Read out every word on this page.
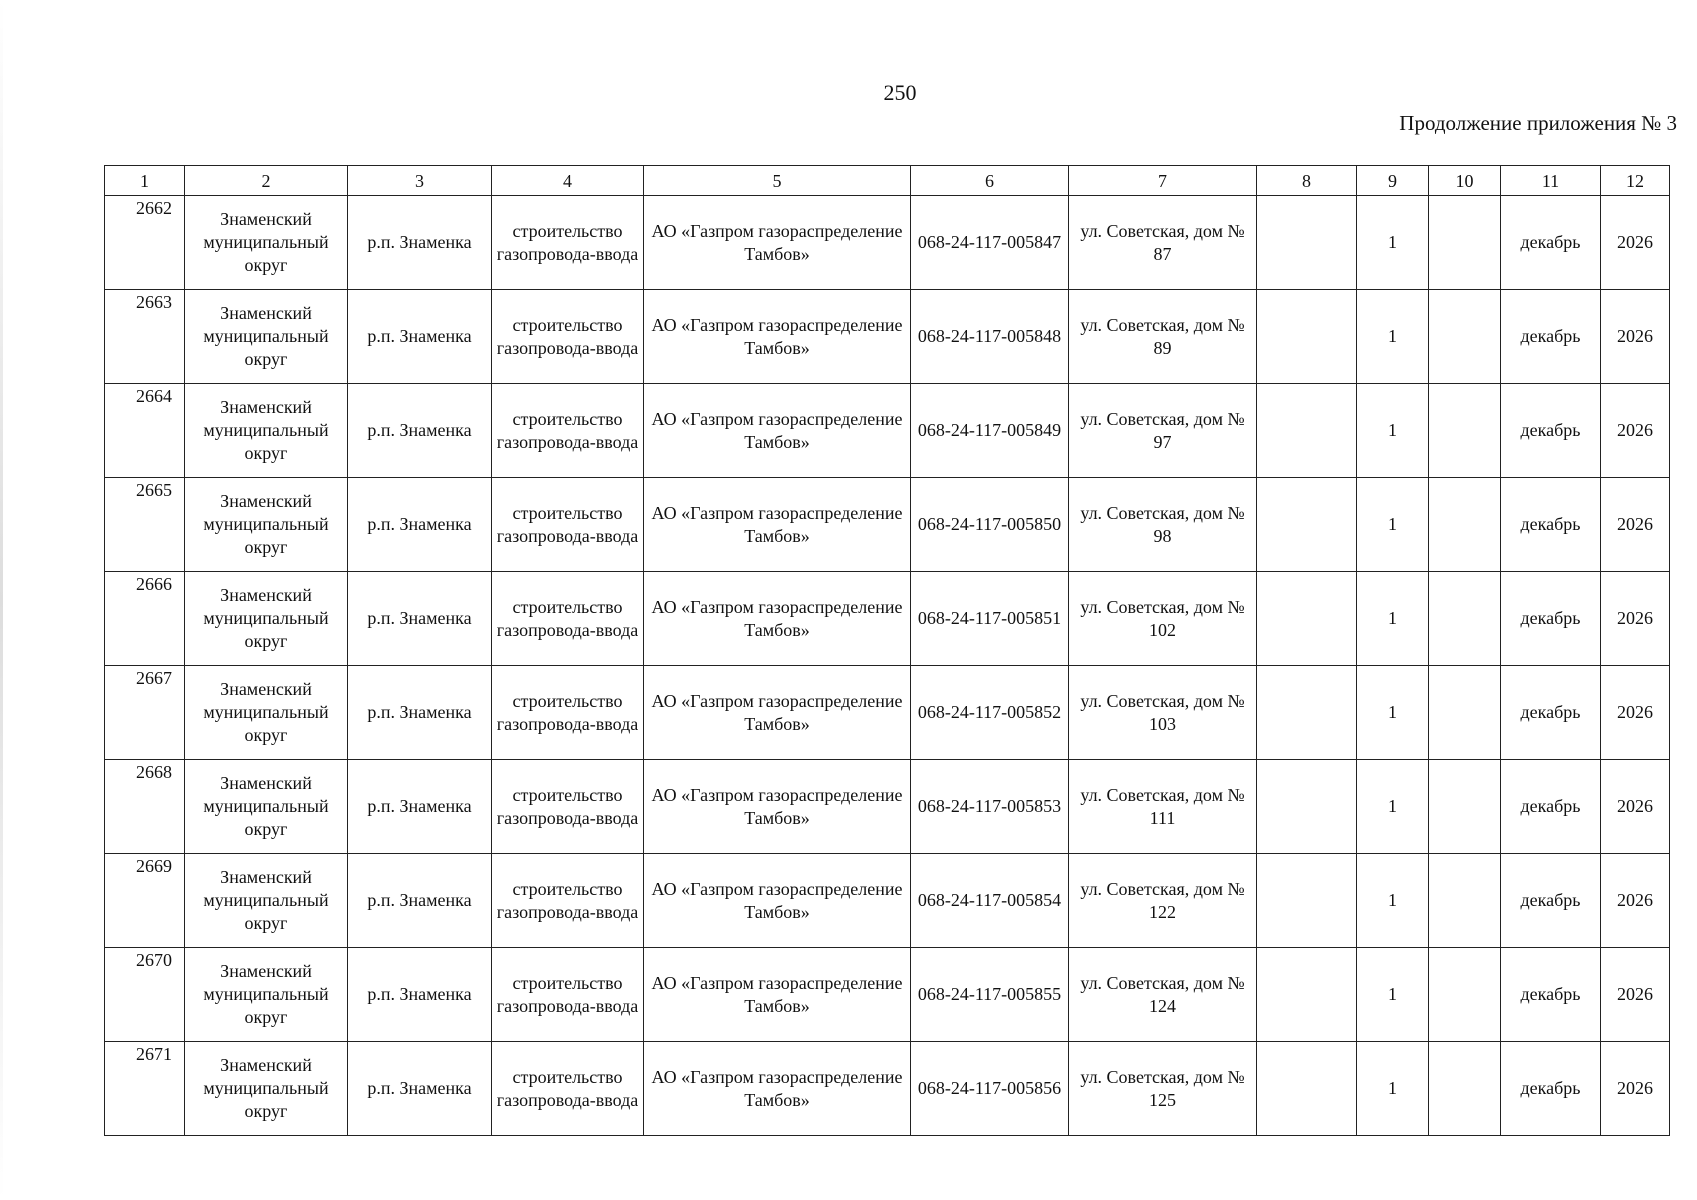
250
Продолжение приложения № 3
1	2	3	4	5	6	7	8	9	10	11	12
2662	Знаменский муниципальный округ	р.п. Знаменка	строительство газопровода-ввода	АО «Газпром газораспределение Тамбов»	068-24-117-005847	ул. Советская, дом № 87		1		декабрь	2026
2663	Знаменский муниципальный округ	р.п. Знаменка	строительство газопровода-ввода	АО «Газпром газораспределение Тамбов»	068-24-117-005848	ул. Советская, дом № 89		1		декабрь	2026
2664	Знаменский муниципальный округ	р.п. Знаменка	строительство газопровода-ввода	АО «Газпром газораспределение Тамбов»	068-24-117-005849	ул. Советская, дом № 97		1		декабрь	2026
2665	Знаменский муниципальный округ	р.п. Знаменка	строительство газопровода-ввода	АО «Газпром газораспределение Тамбов»	068-24-117-005850	ул. Советская, дом № 98		1		декабрь	2026
2666	Знаменский муниципальный округ	р.п. Знаменка	строительство газопровода-ввода	АО «Газпром газораспределение Тамбов»	068-24-117-005851	ул. Советская, дом № 102		1		декабрь	2026
2667	Знаменский муниципальный округ	р.п. Знаменка	строительство газопровода-ввода	АО «Газпром газораспределение Тамбов»	068-24-117-005852	ул. Советская, дом № 103		1		декабрь	2026
2668	Знаменский муниципальный округ	р.п. Знаменка	строительство газопровода-ввода	АО «Газпром газораспределение Тамбов»	068-24-117-005853	ул. Советская, дом № 111		1		декабрь	2026
2669	Знаменский муниципальный округ	р.п. Знаменка	строительство газопровода-ввода	АО «Газпром газораспределение Тамбов»	068-24-117-005854	ул. Советская, дом № 122		1		декабрь	2026
2670	Знаменский муниципальный округ	р.п. Знаменка	строительство газопровода-ввода	АО «Газпром газораспределение Тамбов»	068-24-117-005855	ул. Советская, дом № 124		1		декабрь	2026
2671	Знаменский муниципальный округ	р.п. Знаменка	строительство газопровода-ввода	АО «Газпром газораспределение Тамбов»	068-24-117-005856	ул. Советская, дом № 125		1		декабрь	2026
